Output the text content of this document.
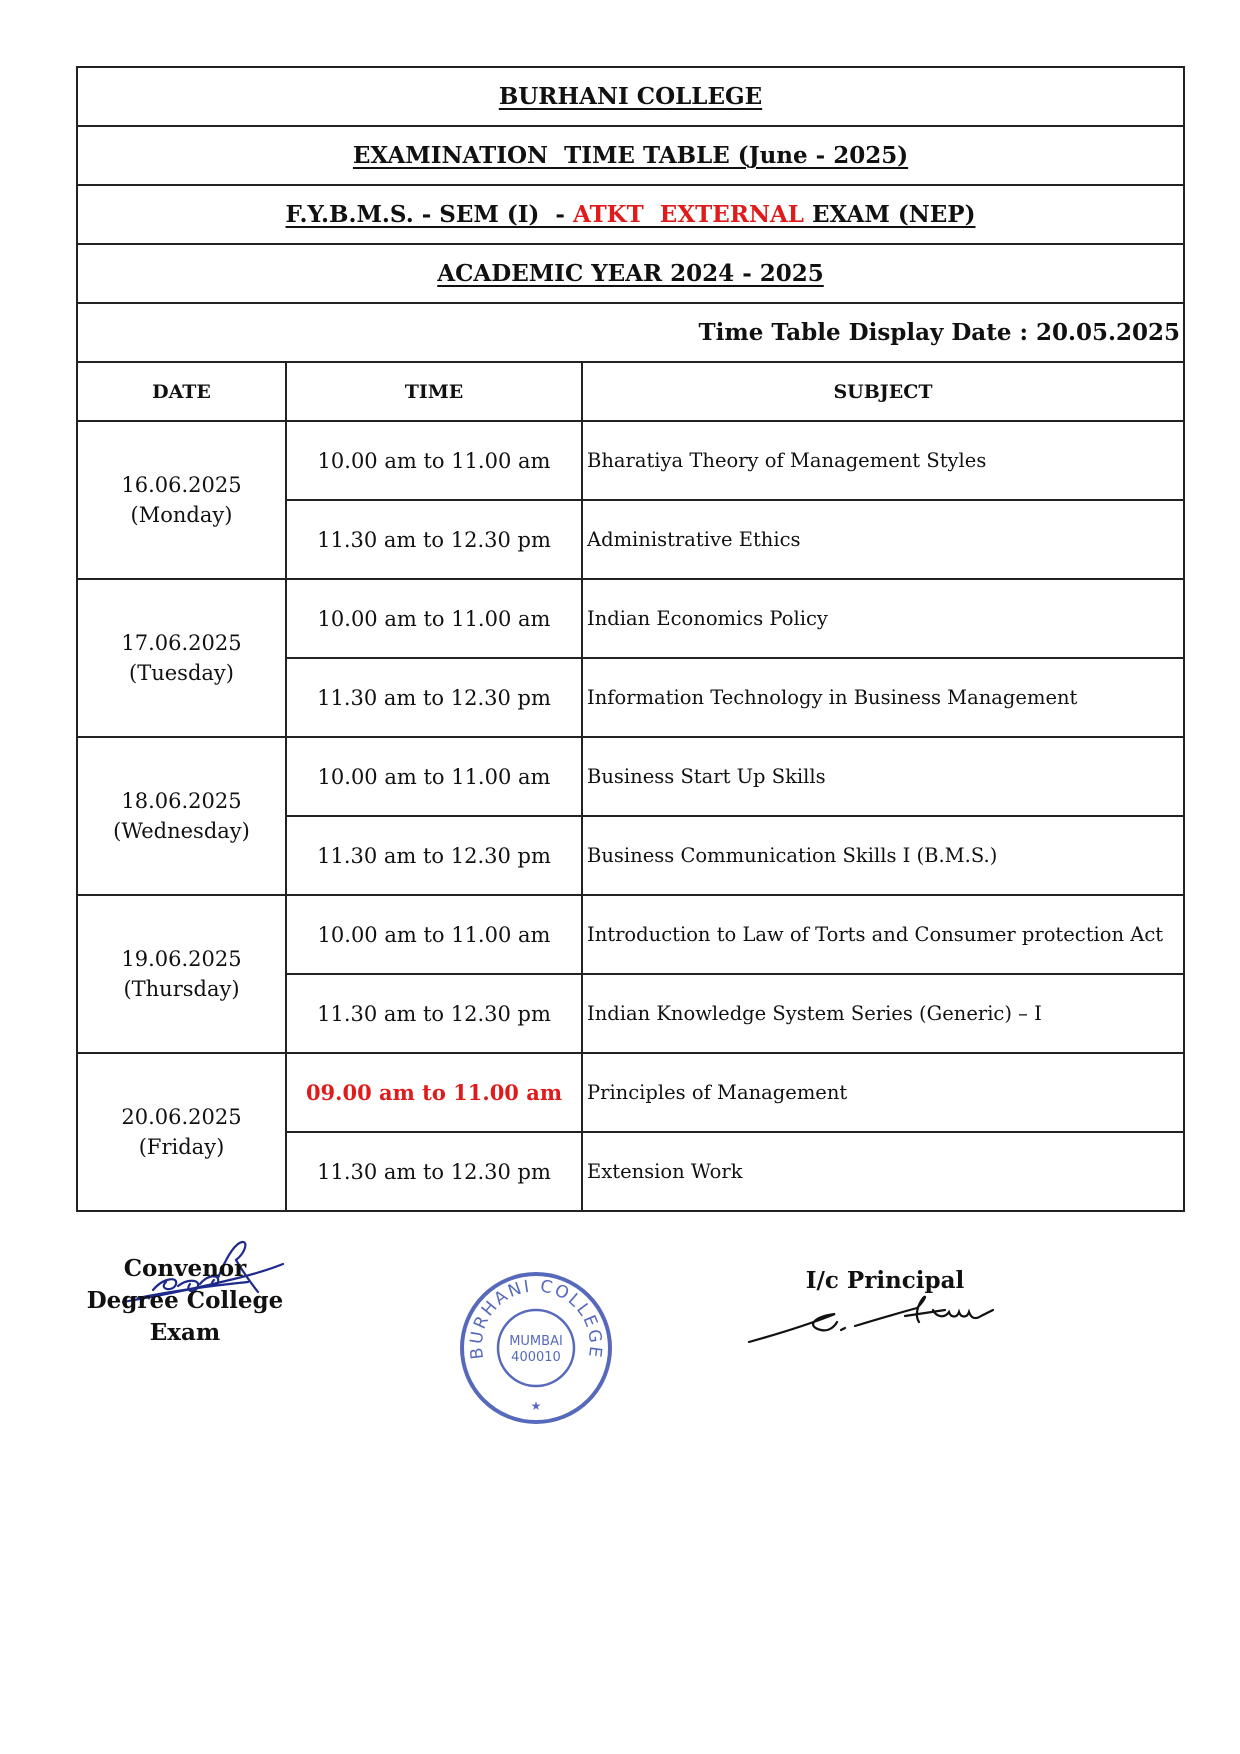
BURHANI COLLEGE		
EXAMINATION  TIME TABLE (June - 2025)		
F.Y.B.M.S. - SEM (I)  - ATKT  EXTERNAL EXAM (NEP)		
ACADEMIC YEAR 2024 - 2025		
Time Table Display Date : 20.05.2025		
DATE	TIME	SUBJECT

16.06.2025
(Monday)	10.00 am to 11.00 am	Bharatiya Theory of Management Styles
	11.30 am to 12.30 pm	Administrative Ethics

17.06.2025
(Tuesday)	10.00 am to 11.00 am	Indian Economics Policy
	11.30 am to 12.30 pm	Information Technology in Business Management

18.06.2025
(Wednesday)	10.00 am to 11.00 am	Business Start Up Skills
	11.30 am to 12.30 pm	Business Communication Skills I (B.M.S.)

19.06.2025
(Thursday)	10.00 am to 11.00 am	Introduction to Law of Torts and Consumer protection Act
	11.30 am to 12.30 pm	Indian Knowledge System Series (Generic) – I

20.06.2025
(Friday)	09.00 am to 11.00 am	Principles of Management
	11.30 am to 12.30 pm	Extension Work
Convenor
Degree College
Exam
BURHANI COLLEGE
MUMBAI
400010
★
I/c Principal
